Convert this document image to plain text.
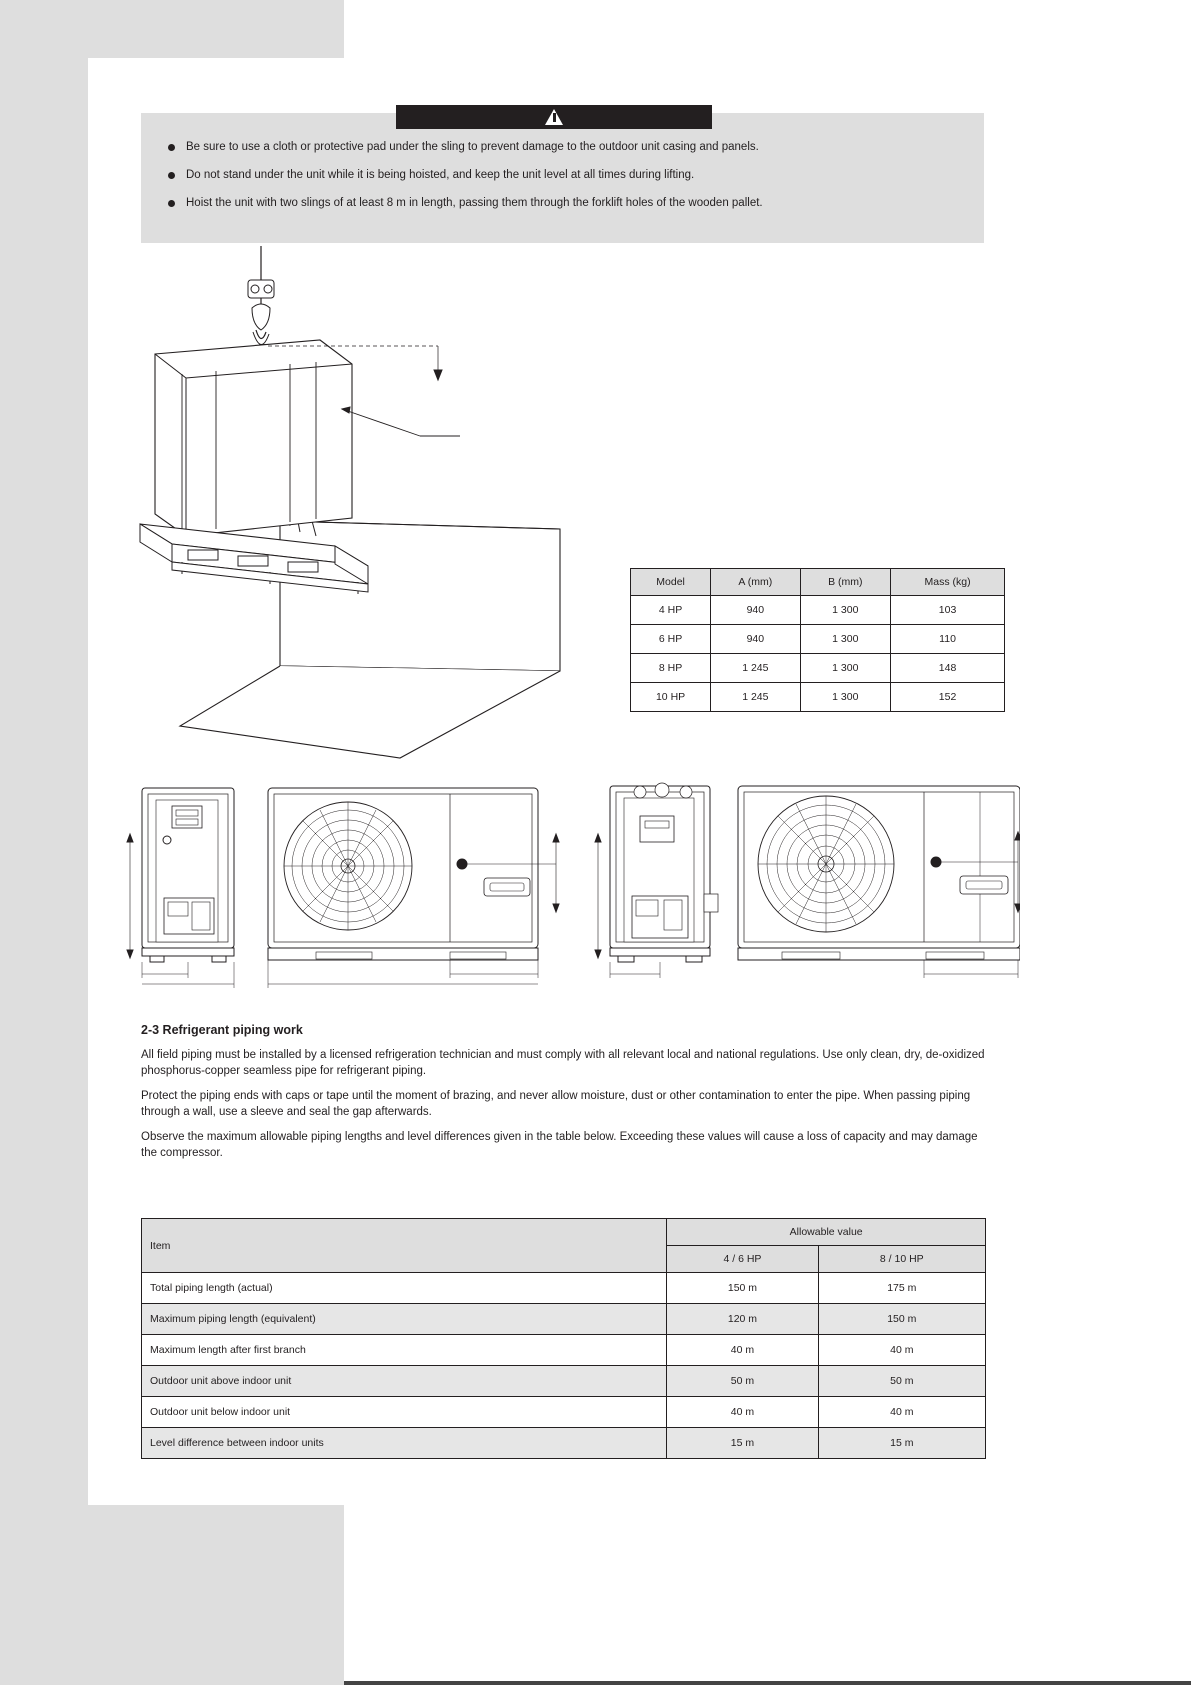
Be sure to use a cloth or protective pad under the sling to prevent damage to the outdoor unit casing and panels.
Do not stand under the unit while it is being hoisted, and keep the unit level at all times during lifting.
Hoist the unit with two slings of at least 8 m in length, passing them through the forklift holes of the wooden pallet.
Model	A (mm)	B (mm)	Mass (kg)
4 HP	940	1 300	103
6 HP	940	1 300	110
8 HP	1 245	1 300	148
10 HP	1 245	1 300	152

2-3 Refrigerant piping work

All field piping must be installed by a licensed refrigeration technician and must comply with all relevant local and national regulations. Use only clean, dry, de-oxidized phosphorus-copper seamless pipe for refrigerant piping.

Protect the piping ends with caps or tape until the moment of brazing, and never allow moisture, dust or other contamination to enter the pipe. When passing piping through a wall, use a sleeve and seal the gap afterwards.

Observe the maximum allowable piping lengths and level differences given in the table below. Exceeding these values will cause a loss of capacity and may damage the compressor.

Item	Allowable value	
	4 / 6 HP	8 / 10 HP
Total piping length (actual)	150 m	175 m
Maximum piping length (equivalent)	120 m	150 m
Maximum length after first branch	40 m	40 m
Outdoor unit above indoor unit	50 m	50 m
Outdoor unit below indoor unit	40 m	40 m
Level difference between indoor units	15 m	15 m
